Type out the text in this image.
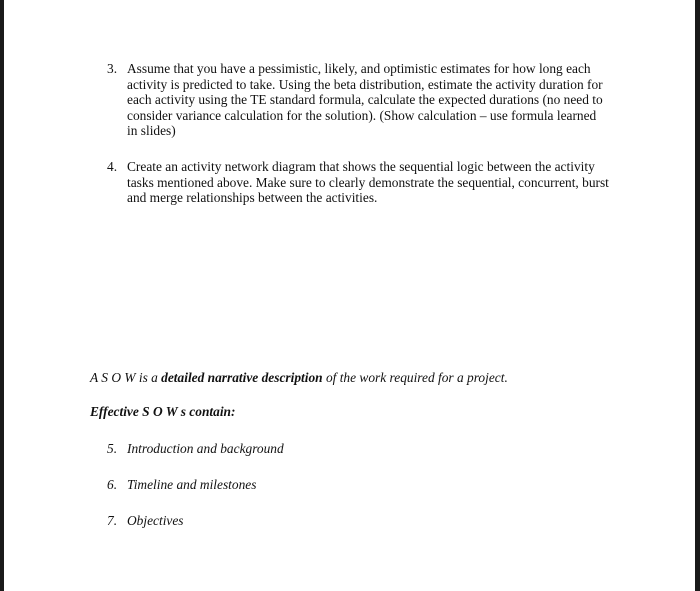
3. Assume that you have a pessimistic, likely, and optimistic estimates for how long each
activity is predicted to take. Using the beta distribution, estimate the activity duration for
each activity using the TE standard formula, calculate the expected durations (no need to
consider variance calculation for the solution). (Show calculation – use formula learned
in slides)
4. Create an activity network diagram that shows the sequential logic between the activity
tasks mentioned above. Make sure to clearly demonstrate the sequential, concurrent, burst
and merge relationships between the activities.
A S O W is a detailed narrative description of the work required for a project.
Effective S O W s contain:
5. Introduction and background
6. Timeline and milestones
7. Objectives
